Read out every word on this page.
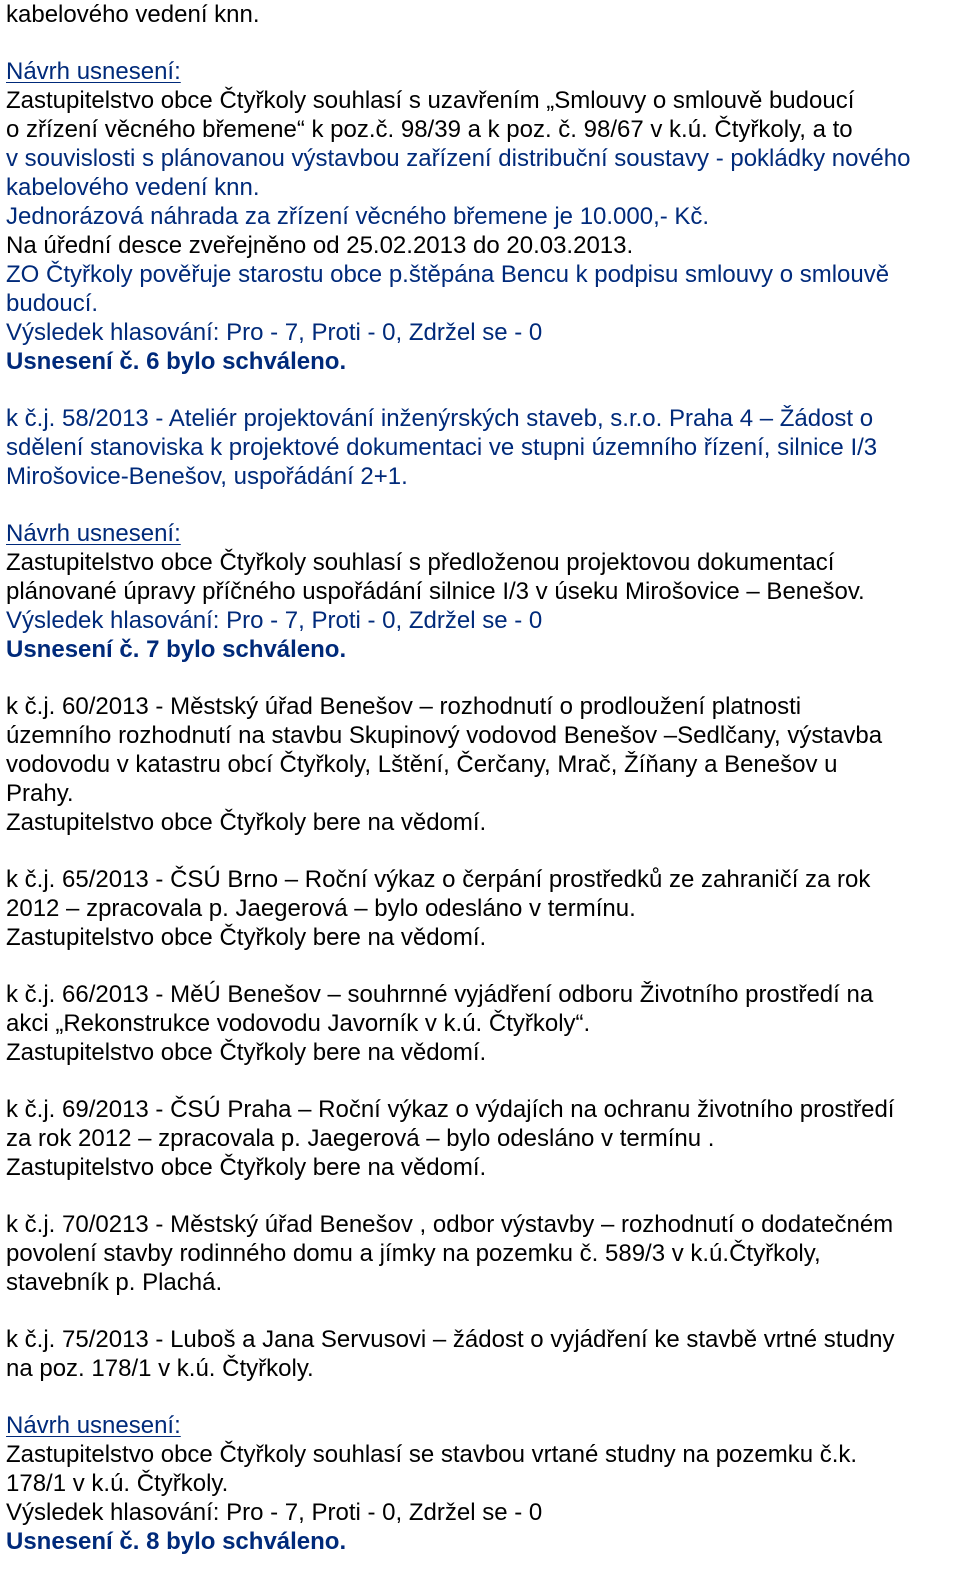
kabelového vedení knn.
Návrh usnesení:
Zastupitelstvo obce Čtyřkoly souhlasí s uzavřením „Smlouvy o smlouvě budoucí
o zřízení věcného břemene“ k poz.č. 98/39 a k poz. č. 98/67 v k.ú. Čtyřkoly, a to
v souvislosti s plánovanou výstavbou zařízení distribuční soustavy - pokládky nového
kabelového vedení knn.
Jednorázová náhrada za zřízení věcného břemene je 10.000,- Kč.
Na úřední desce zveřejněno od 25.02.2013 do 20.03.2013.
ZO Čtyřkoly pověřuje starostu obce p.štěpána Bencu k podpisu smlouvy o smlouvě
budoucí.
Výsledek hlasování: Pro - 7, Proti - 0, Zdržel se - 0
Usnesení č. 6 bylo schváleno.
k č.j. 58/2013 - Ateliér projektování inženýrských staveb, s.r.o. Praha 4 – Žádost o
sdělení stanoviska k projektové dokumentaci ve stupni územního řízení, silnice I/3
Mirošovice-Benešov, uspořádání 2+1.
Návrh usnesení:
Zastupitelstvo obce Čtyřkoly souhlasí s předloženou projektovou dokumentací
plánované úpravy příčného uspořádání silnice I/3 v úseku Mirošovice – Benešov.
Výsledek hlasování: Pro - 7, Proti - 0, Zdržel se - 0
Usnesení č. 7 bylo schváleno.
k č.j. 60/2013 - Městský úřad Benešov – rozhodnutí o prodloužení platnosti
územního rozhodnutí na stavbu Skupinový vodovod Benešov –Sedlčany, výstavba
vodovodu v katastru obcí Čtyřkoly, Lštění, Čerčany, Mrač, Žíňany a Benešov u
Prahy.
Zastupitelstvo obce Čtyřkoly bere na vědomí.
k č.j. 65/2013 - ČSÚ Brno – Roční výkaz o čerpání prostředků ze zahraničí za rok
2012 – zpracovala p. Jaegerová – bylo odesláno v termínu.
Zastupitelstvo obce Čtyřkoly bere na vědomí.
k č.j. 66/2013 - MěÚ Benešov – souhrnné vyjádření odboru Životního prostředí na
akci „Rekonstrukce vodovodu Javorník v k.ú. Čtyřkoly“.
Zastupitelstvo obce Čtyřkoly bere na vědomí.
k č.j. 69/2013 - ČSÚ Praha – Roční výkaz o výdajích na ochranu životního prostředí
za rok 2012 – zpracovala p. Jaegerová – bylo odesláno v termínu .
Zastupitelstvo obce Čtyřkoly bere na vědomí.
k č.j. 70/0213 - Městský úřad Benešov , odbor výstavby – rozhodnutí o dodatečném
povolení stavby rodinného domu a jímky na pozemku č. 589/3 v k.ú.Čtyřkoly,
stavebník p. Plachá.
k č.j. 75/2013 - Luboš a Jana Servusovi – žádost o vyjádření ke stavbě vrtné studny
na poz. 178/1 v k.ú. Čtyřkoly.
Návrh usnesení:
Zastupitelstvo obce Čtyřkoly souhlasí se stavbou vrtané studny na pozemku č.k.
178/1 v k.ú. Čtyřkoly.
Výsledek hlasování: Pro - 7, Proti - 0, Zdržel se - 0
Usnesení č. 8 bylo schváleno.
